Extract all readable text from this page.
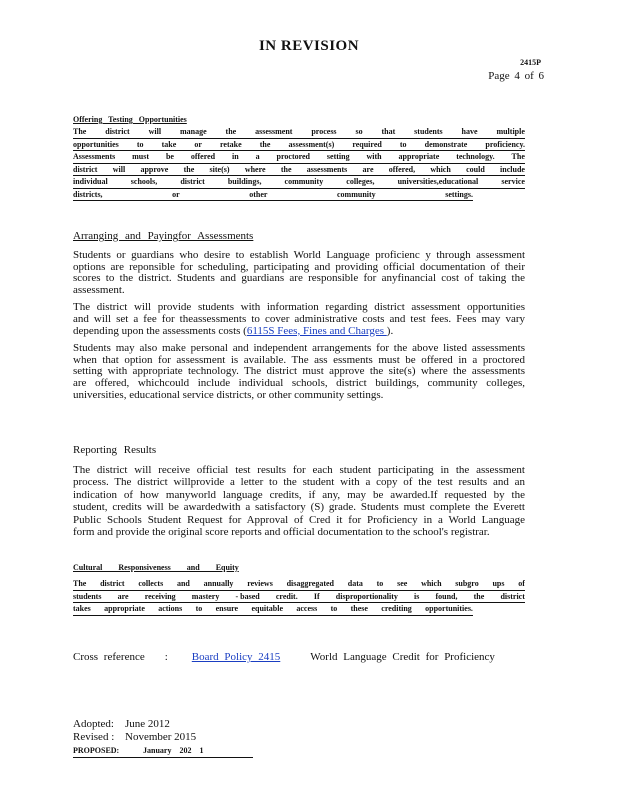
IN REVISION
2415P
Page 4 of 6
Offering Testing Opportunities
The district will manage the assessment process so that students have multiple
opportunities to take or retake the assessment(s) required to demonstrate proficiency.
Assessments must be offered in a proctored setting with appropriate technology. The
district will approve the site(s) where the assessments are offered, which could include
individual	schools,	district	buildings,	community	colleges,	universities,educational	service
districts,	or	other	community	settings.
Arranging and Payingfor Assessments
Students or guardians who desire to establish World Language proficienc y through assessment
options are reponsible for scheduling, participating and providing official documentation of their
scores to the district. Students and guardians are responsible for anyfinancial cost of taking the
assessment.
The district will provide students with information regarding district assessment opportunities
and will set a fee for theassessments to cover administrative costs and test fees. Fees may vary
depending upon the assessments costs (6115S Fees, Fines and Charges ).
Students may also make personal and independent arrangements for the above listed assessments
when that option for assessment is available. The ass essments must be offered in a proctored
setting with appropriate technology. The district must approve the site(s) where the assessments
are offered, whichcould include individual schools, district buildings, community colleges,
universities, educational service districts, or other community settings.
Reporting Results
The district will receive official test results for each student participating in the assessment
process. The district willprovide a letter to the student with a copy of the test results and an
indication of how manyworld language credits, if any, may be awarded.If requested by the
student, credits will be awardedwith a satisfactory (S) grade. Students must complete the Everett
Public Schools Student Request for Approval of Cred it for Proficiency in a World Language
form and provide the original score reports and official documentation to the school's registrar.
Cultural Responsiveness and Equity
The district collects and annually reviews disaggregated data to see which subgro ups of
students are receiving mastery - based credit. If disproportionality is found, the district
takes appropriate actions to ensure equitable access to these crediting opportunities.
Cross reference : Board Policy 2415	World Language Credit for Proficiency
Adopted:	June 2012
Revised : November 2015
PROPOSED:	January 202 1
